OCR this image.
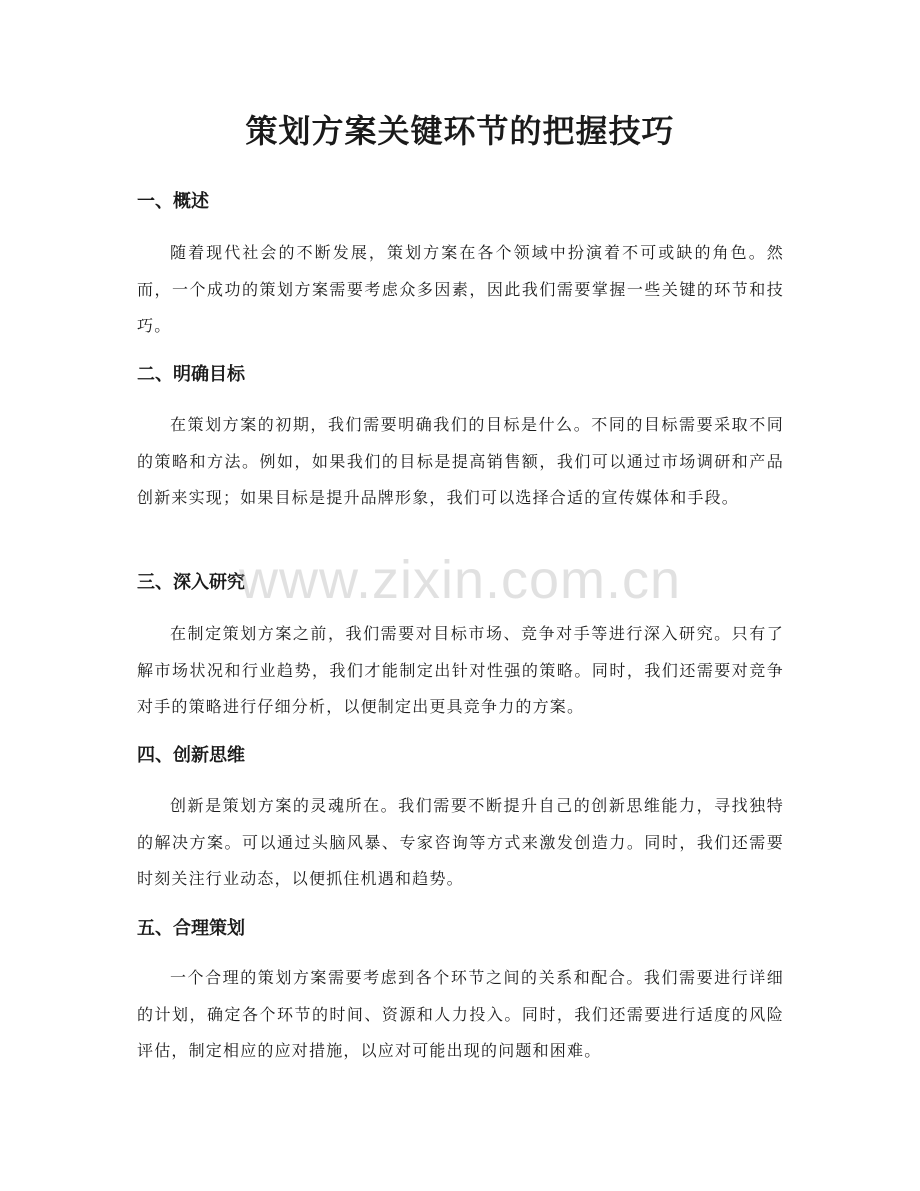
策划方案关键环节的把握技巧
一、概述

随着现代社会的不断发展，策划方案在各个领域中扮演着不可或缺的角色。然而，一个成功的策划方案需要考虑众多因素，因此我们需要掌握一些关键的环节和技巧。

二、明确目标

在策划方案的初期，我们需要明确我们的目标是什么。不同的目标需要采取不同的策略和方法。例如，如果我们的目标是提高销售额，我们可以通过市场调研和产品创新来实现；如果目标是提升品牌形象，我们可以选择合适的宣传媒体和手段。

三、深入研究

在制定策划方案之前，我们需要对目标市场、竞争对手等进行深入研究。只有了解市场状况和行业趋势，我们才能制定出针对性强的策略。同时，我们还需要对竞争对手的策略进行仔细分析，以便制定出更具竞争力的方案。

四、创新思维

创新是策划方案的灵魂所在。我们需要不断提升自己的创新思维能力，寻找独特的解决方案。可以通过头脑风暴、专家咨询等方式来激发创造力。同时，我们还需要时刻关注行业动态，以便抓住机遇和趋势。

五、合理策划

一个合理的策划方案需要考虑到各个环节之间的关系和配合。我们需要进行详细的计划，确定各个环节的时间、资源和人力投入。同时，我们还需要进行适度的风险评估，制定相应的应对措施，以应对可能出现的问题和困难。

www.zixin.com.cn
